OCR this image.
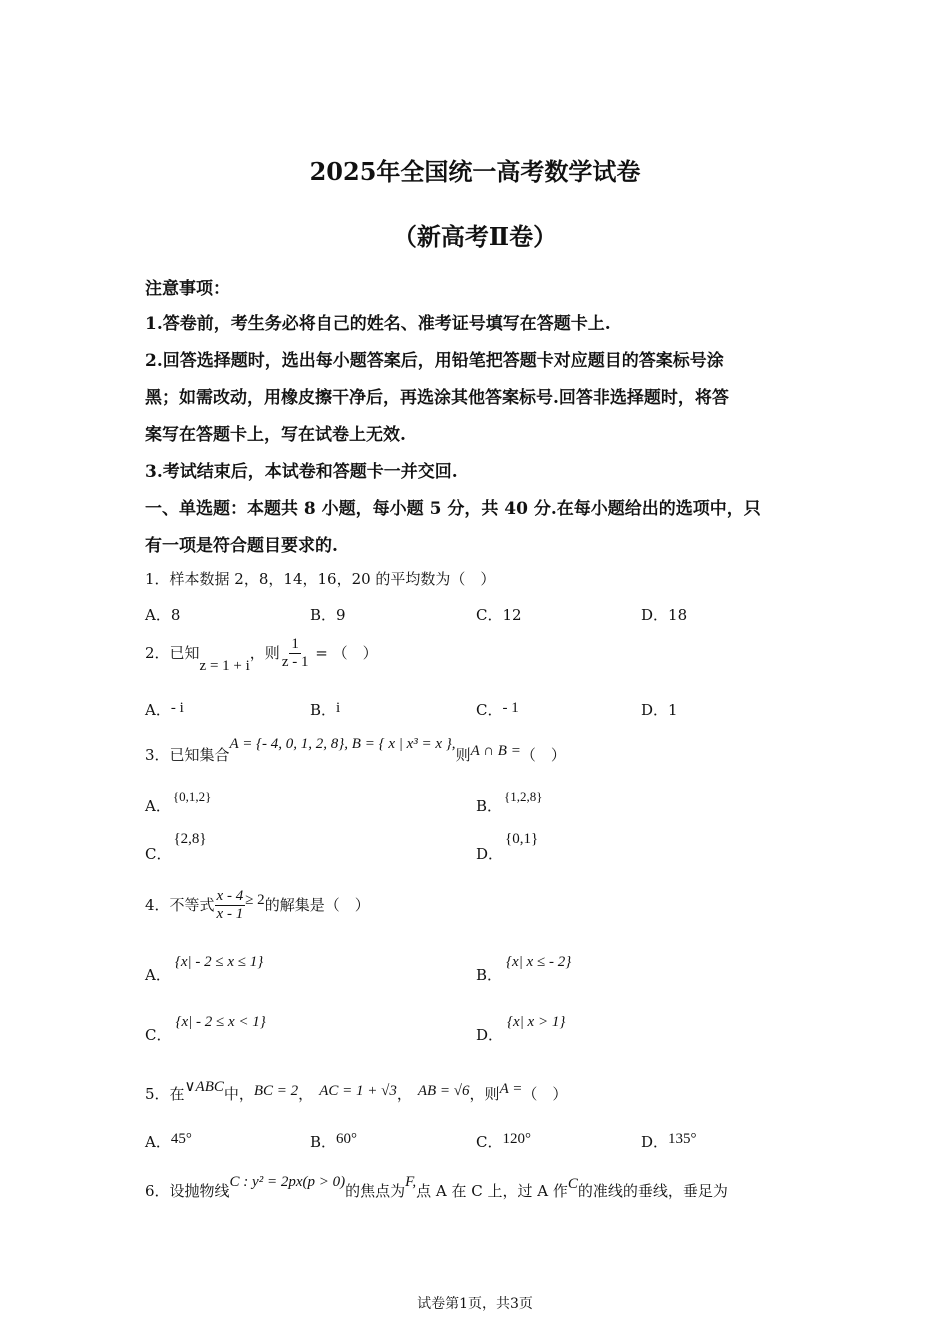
2025年全国统一高考数学试卷
（新高考Ⅱ卷）
注意事项：
1.答卷前，考生务必将自己的姓名、准考证号填写在答题卡上.
2.回答选择题时，选出每小题答案后，用铅笔把答题卡对应题目的答案标号涂
黑；如需改动，用橡皮擦干净后，再选涂其他答案标号.回答非选择题时，将答
案写在答题卡上，写在试卷上无效.
3.考试结束后，本试卷和答题卡一并交回.
一、单选题：本题共 8 小题，每小题 5 分，共 40 分.在每小题给出的选项中，只
有一项是符合题目要求的.
1．样本数据 2，8，14，16，20 的平均数为（　）
A．8	B．9	C．12	D．18
2．已知z = 1 + i，则 $\frac{1}{z - 1}$ = （　）
A．- i	B．i	C．- 1	D．1
3．已知集合A = {- 4, 0, 1, 2, 8}, B = { x | x³ = x },则A ∩ B =（　）
A．{0,1,2}
B．{1,2,8}
C．{2,8}
D．{0,1}
4．不等式 $\frac{x - 4}{x - 1} \ge 2$的解集是（　）
A．{x| - 2 ≤ x ≤ 1}
B．{x| x ≤ - 2}
C．{x| - 2 ≤ x < 1}
D．{x| x > 1}
5．在∨ABC中，BC = 2， AC = 1 + √3， AB = √6，则A =（　）
A．45°	B．60°	C．120°	D．135°
6．设抛物线C : y² = 2px(p > 0)的焦点为F,点 A 在 C 上，过 A 作C的准线的垂线，垂足为
试卷第1页，共3页
